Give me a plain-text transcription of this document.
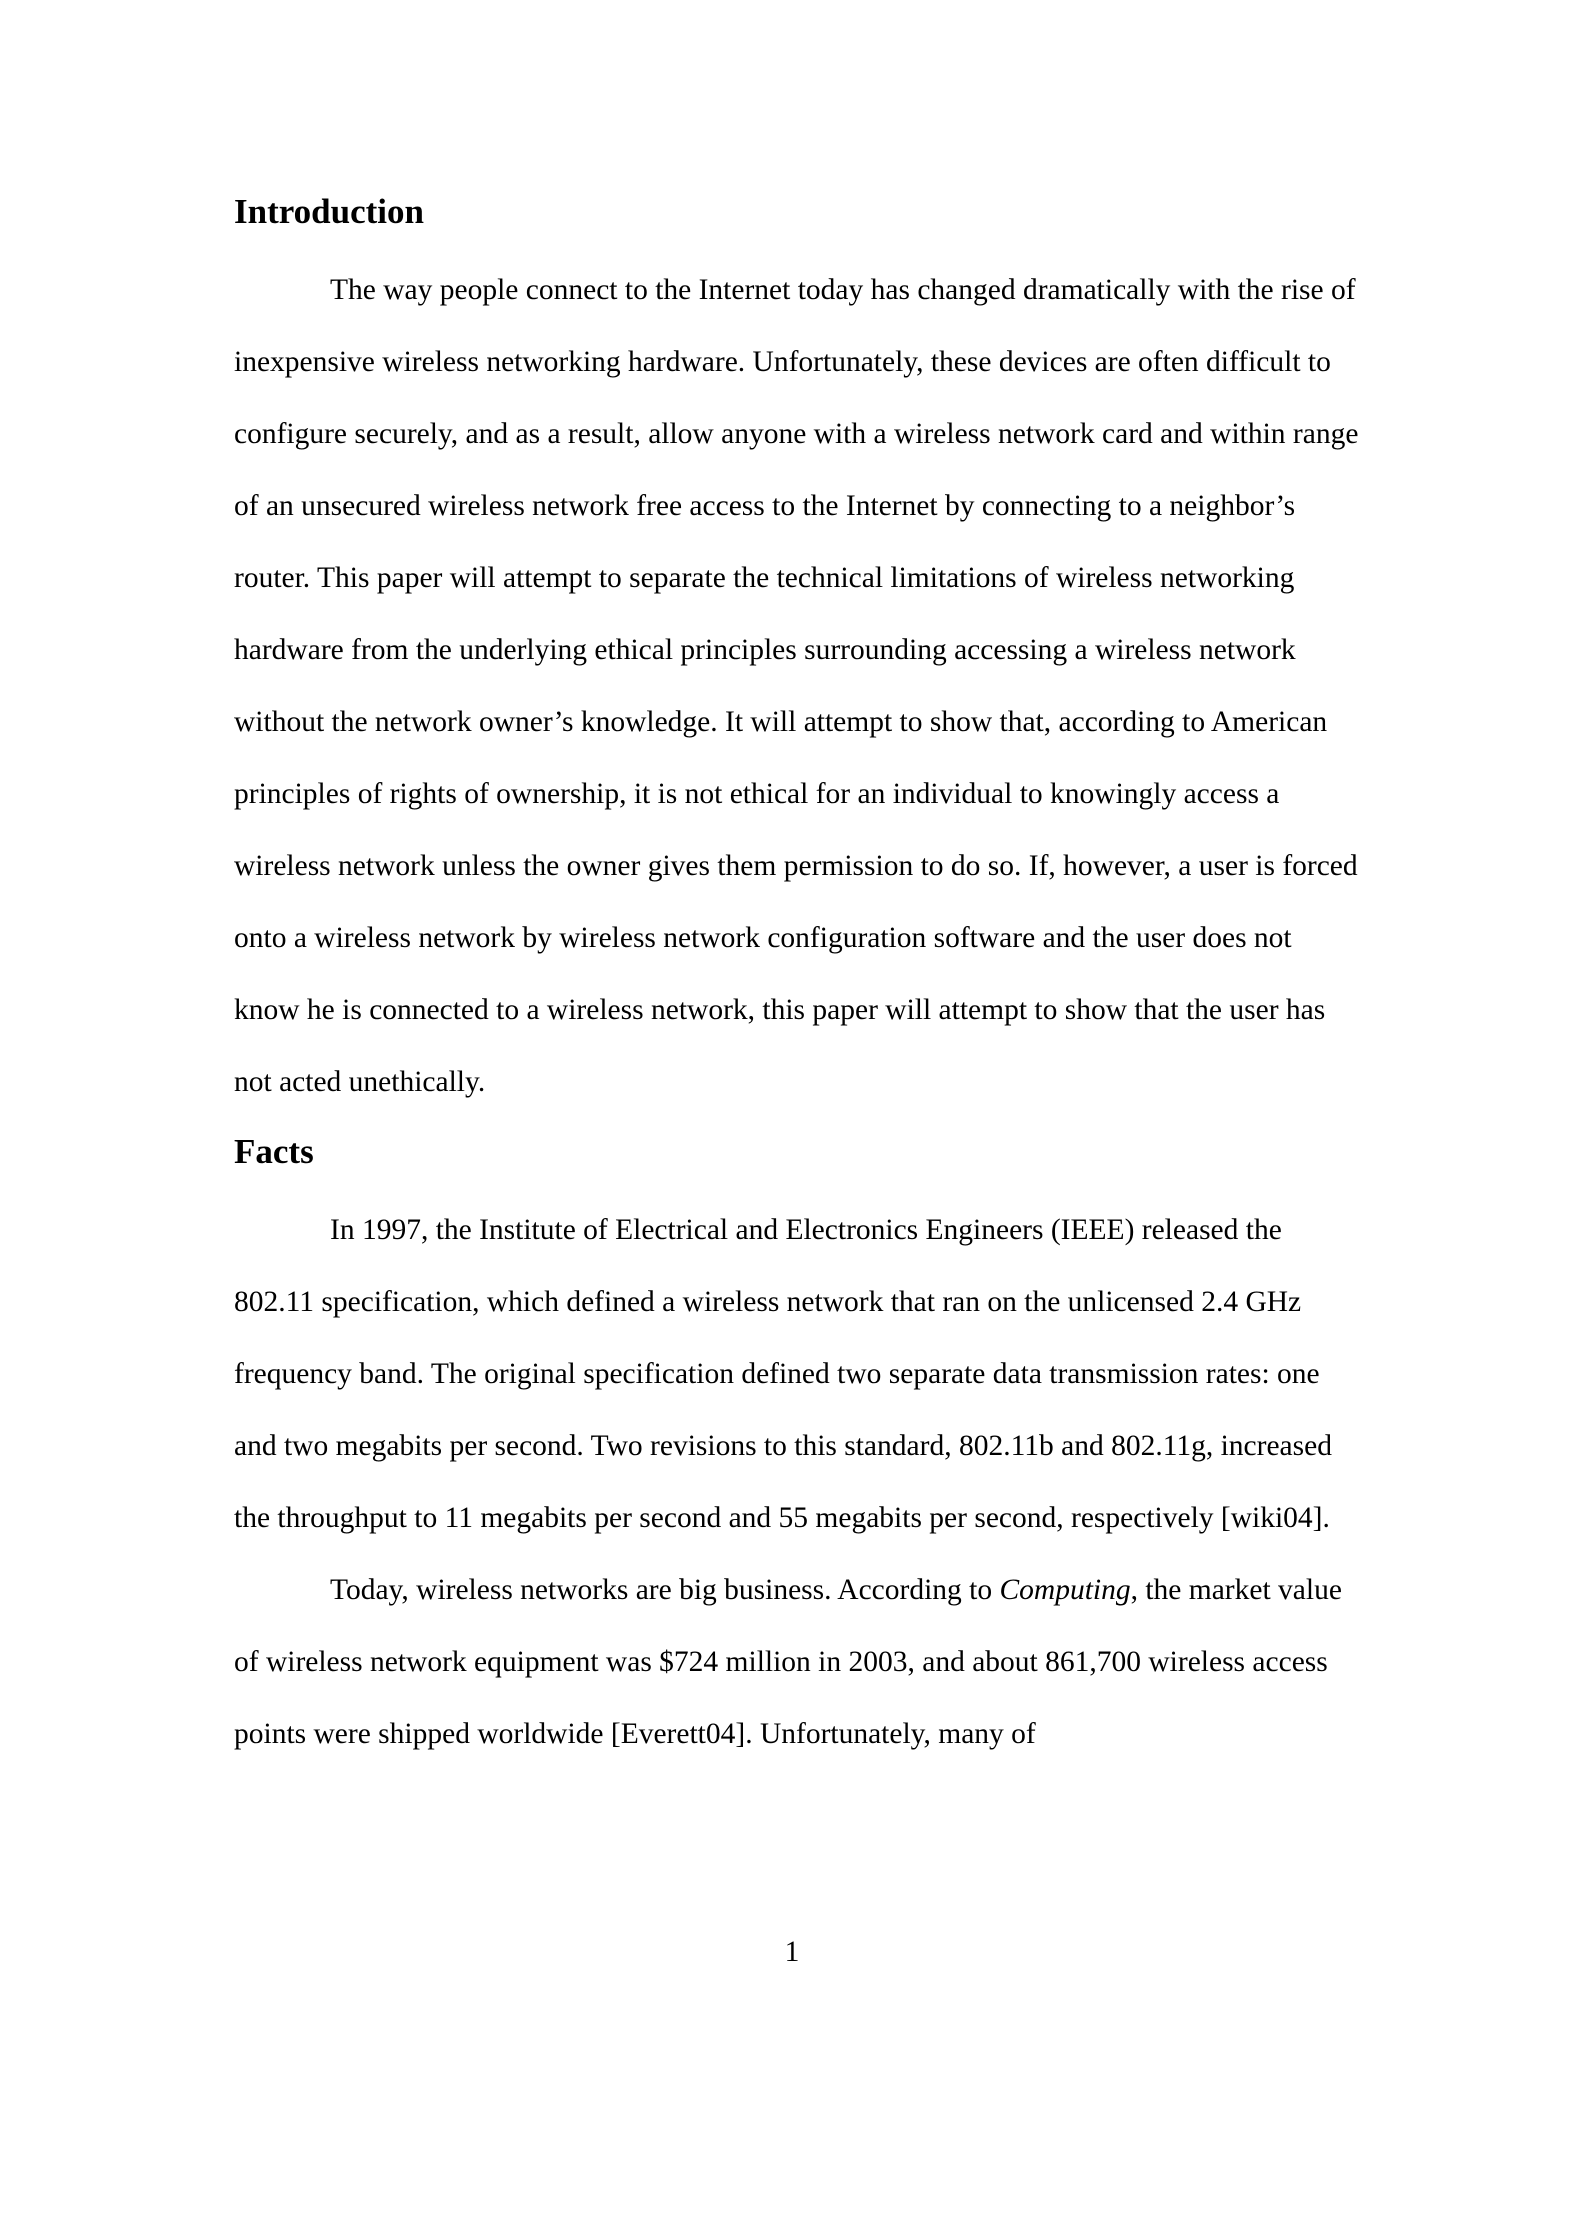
Introduction

The way people connect to the Internet today has changed dramatically with the rise of inexpensive wireless networking hardware. Unfortunately, these devices are often difficult to configure securely, and as a result, allow anyone with a wireless network card and within range of an unsecured wireless network free access to the Internet by connecting to a neighbor’s router. This paper will attempt to separate the technical limitations of wireless networking hardware from the underlying ethical principles surrounding accessing a wireless network without the network owner’s knowledge. It will attempt to show that, according to American principles of rights of ownership, it is not ethical for an individual to knowingly access a wireless network unless the owner gives them permission to do so. If, however, a user is forced onto a wireless network by wireless network configuration software and the user does not know he is connected to a wireless network, this paper will attempt to show that the user has not acted unethically.

Facts

In 1997, the Institute of Electrical and Electronics Engineers (IEEE) released the 802.11 specification, which defined a wireless network that ran on the unlicensed 2.4 GHz frequency band. The original specification defined two separate data transmission rates: one and two megabits per second. Two revisions to this standard, 802.11b and 802.11g, increased the throughput to 11 megabits per second and 55 megabits per second, respectively [wiki04].

Today, wireless networks are big business. According to Computing, the market value of wireless network equipment was $724 million in 2003, and about 861,700 wireless access points were shipped worldwide [Everett04]. Unfortunately, many of

1
